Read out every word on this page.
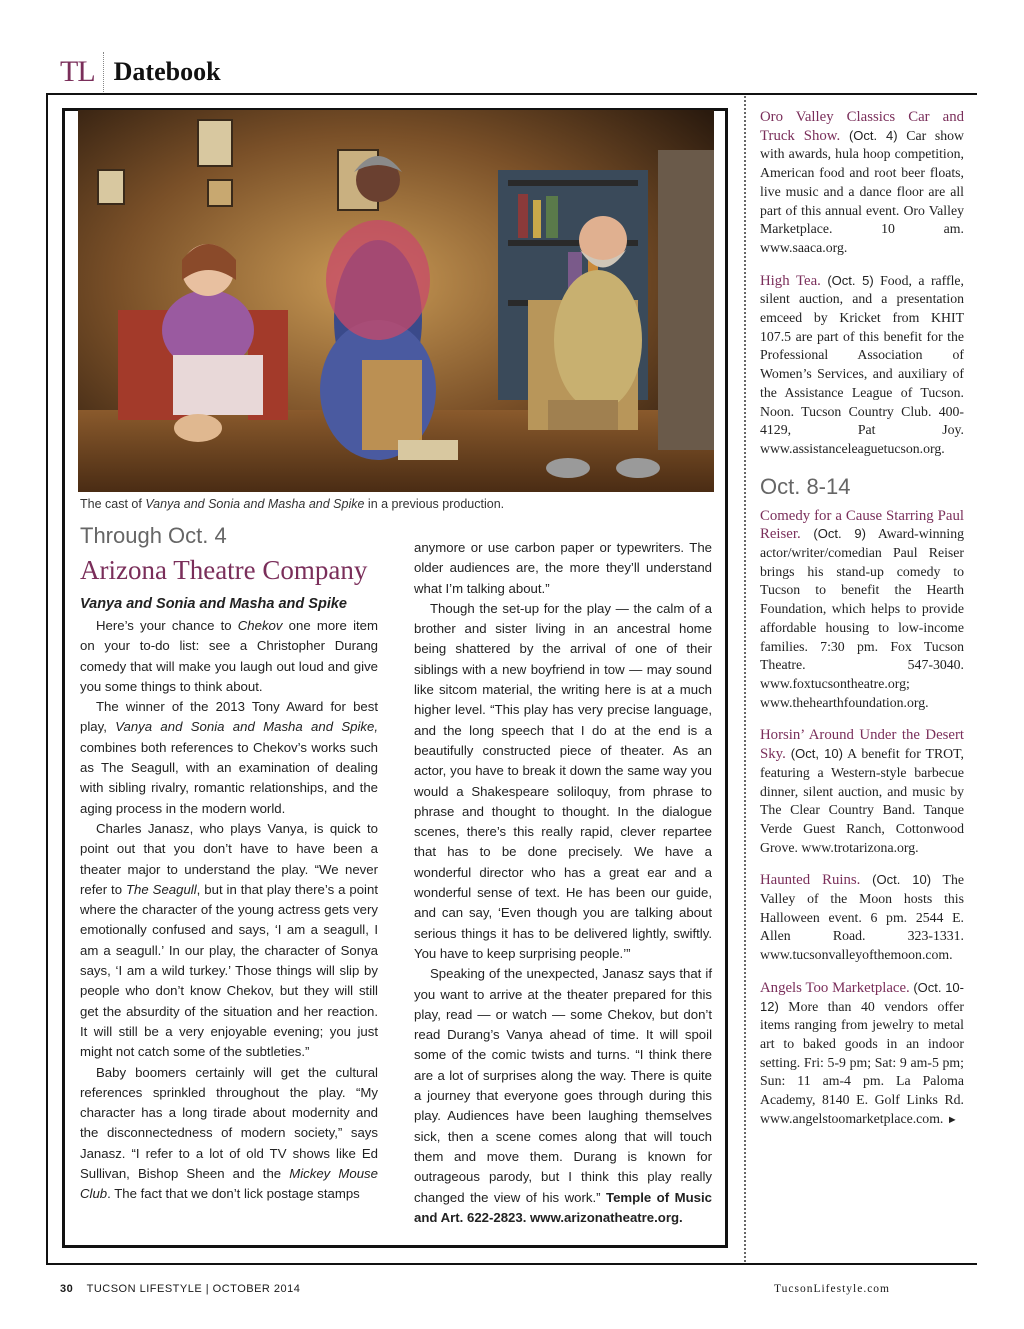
TL Datebook
The cast of Vanya and Sonia and Masha and Spike in a previous production.
Through Oct. 4
Arizona Theatre Company
Vanya and Sonia and Masha and Spike

Here’s your chance to Chekov one more item on your to-do list: see a Christopher Durang comedy that will make you laugh out loud and give you some things to think about.

The winner of the 2013 Tony Award for best play, Vanya and Sonia and Masha and Spike, combines both references to Chekov’s works such as The Seagull, with an examination of dealing with sibling rivalry, romantic relationships, and the aging process in the modern world.

Charles Janasz, who plays Vanya, is quick to point out that you don’t have to have been a theater major to understand the play. “We never refer to The Seagull, but in that play there’s a point where the character of the young actress gets very emotionally confused and says, ‘I am a seagull, I am a seagull.’ In our play, the character of Sonya says, ‘I am a wild turkey.’ Those things will slip by people who don’t know Chekov, but they will still get the absurdity of the situation and her reaction. It will still be a very enjoyable evening; you just might not catch some of the subtleties.”

Baby boomers certainly will get the cultural references sprinkled throughout the play. “My character has a long tirade about modernity and the disconnectedness of modern society,” says Janasz. “I refer to a lot of old TV shows like Ed Sullivan, Bishop Sheen and the Mickey Mouse Club. The fact that we don’t lick postage stamps

anymore or use carbon paper or typewriters. The older audiences are, the more they’ll understand what I’m talking about.”

Though the set-up for the play — the calm of a brother and sister living in an ancestral home being shattered by the arrival of one of their siblings with a new boyfriend in tow — may sound like sitcom material, the writing here is at a much higher level. “This play has very precise language, and the long speech that I do at the end is a beautifully constructed piece of theater. As an actor, you have to break it down the same way you would a Shakespeare soliloquy, from phrase to phrase and thought to thought. In the dialogue scenes, there’s this really rapid, clever repartee that has to be done precisely. We have a wonderful director who has a great ear and a wonderful sense of text. He has been our guide, and can say, ‘Even though you are talking about serious things it has to be delivered lightly, swiftly. You have to keep surprising people.’”

Speaking of the unexpected, Janasz says that if you want to arrive at the theater prepared for this play, read — or watch — some Chekov, but don’t read Durang’s Vanya ahead of time. It will spoil some of the comic twists and turns. “I think there are a lot of surprises along the way. There is quite a journey that everyone goes through during this play. Audiences have been laughing themselves sick, then a scene comes along that will touch them and move them. Durang is known for outrageous parody, but I think this play really changed the view of his work.” Temple of Music and Art. 622-2823. www.arizonatheatre.org.

Oro Valley Classics Car and Truck Show. (Oct. 4) Car show with awards, hula hoop competition, American food and root beer floats, live music and a dance floor are all part of this annual event. Oro Valley Marketplace. 10 am. www.saaca.org.

High Tea. (Oct. 5) Food, a raffle, silent auction, and a presentation emceed by Kricket from KHIT 107.5 are part of this benefit for the Professional Association of Women’s Services, and auxiliary of the Assistance League of Tucson. Noon. Tucson Country Club. 400-4129, Pat Joy. www.assistanceleaguetucson.org.

Oct. 8-14

Comedy for a Cause Starring Paul Reiser. (Oct. 9) Award-winning actor/writer/comedian Paul Reiser brings his stand-up comedy to Tucson to benefit the Hearth Foundation, which helps to provide affordable housing to low-income families. 7:30 pm. Fox Tucson Theatre. 547-3040. www.foxtucsontheatre.org; www.thehearthfoundation.org.

Horsin’ Around Under the Desert Sky. (Oct, 10) A benefit for TROT, featuring a Western-style barbecue dinner, silent auction, and music by The Clear Country Band. Tanque Verde Guest Ranch, Cottonwood Grove. www.trotarizona.org.

Haunted Ruins. (Oct. 10) The Valley of the Moon hosts this Halloween event. 6 pm. 2544 E. Allen Road. 323-1331. www.tucsonvalleyofthemoon.com.

Angels Too Marketplace. (Oct. 10-12) More than 40 vendors offer items ranging from jewelry to metal art to baked goods in an indoor setting. Fri: 5-9 pm; Sat: 9 am-5 pm; Sun: 11 am-4 pm. La Paloma Academy, 8140 E. Golf Links Rd. www.angelstoomarketplace.com. ►

30 TUCSON LIFESTYLE | OCTOBER 2014	TucsonLifestyle.com
